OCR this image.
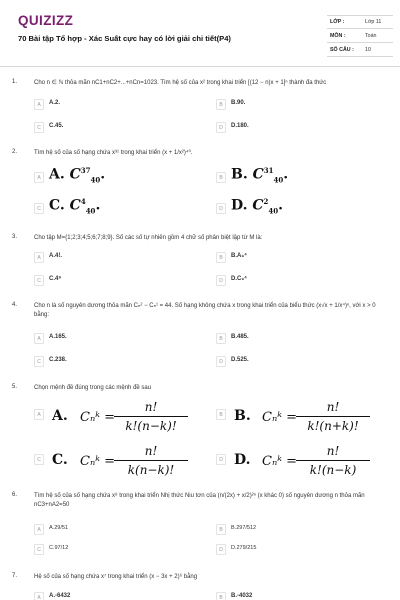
QUIZIZZ
70 Bài tập Tổ hợp - Xác Suất cực hay có lời giải chi tiết(P4)
LỚP :	Lớp 11
MÔN :	Toán
SỐ CÂU : 10
1.	Cho n ∈ ℕ thỏa mãn nC1+nC2+...+nCn=1023. Tìm hệ số của x² trong khai triển [(12 − n)x + 1]ⁿ thành đa thức
A	A.2.	B	B.90.
C	C.45.	D	D.180.
2.	Tìm hệ số của số hạng chứa x³¹ trong khai triển (x + 1/x²)⁴⁰.
A A. $C^{37}_{40}$.	B B. $C^{31}_{40}$.
C C. $C^4_{40}$.	D D. $C^2_{40}$.
3.	Cho tập M={1;2;3;4;5;6;7;8;9}. Số các số tự nhiên gồm 4 chữ số phân biệt lập từ M là:
A	A.4!.	B	B.A₉⁴
C	C.4⁹	D	D.C₉⁴
4.	Cho n là số nguyên dương thỏa mãn Cₙ² − Cₙ¹ = 44. Số hạng không chứa x trong khai triển của biểu thức (x√x + 1/x⁴)ⁿ, với x > 0 bằng:
A	A.165.	B	B.485.
C	C.238.	D	D.525.
5.	Chọn mệnh đề đúng trong các mệnh đề sau
A A. Cₙᵏ =
n!
k!(n−k)!
B B. Cₙᵏ =
n!
k!(n+k)!
C C. Cₙᵏ =
n!
k(n−k)!
D D. Cₙᵏ =
n!
k!(n−k)
6.	Tìm hệ số của số hạng chứa x⁸ trong khai triển Nhị thức Niu tơn của (n/(2x) + x/2)²ⁿ (x khác 0) số nguyên dương n thỏa mãn nC3+nA2=50
A	A.29/51	B	B.297/512
C	C.97/12	D	D.279/215
7.	Hệ số của số hạng chứa x⁷ trong khai triển (x − 3x + 2)⁶ bằng
A	A.-6432	B	B.-4032
